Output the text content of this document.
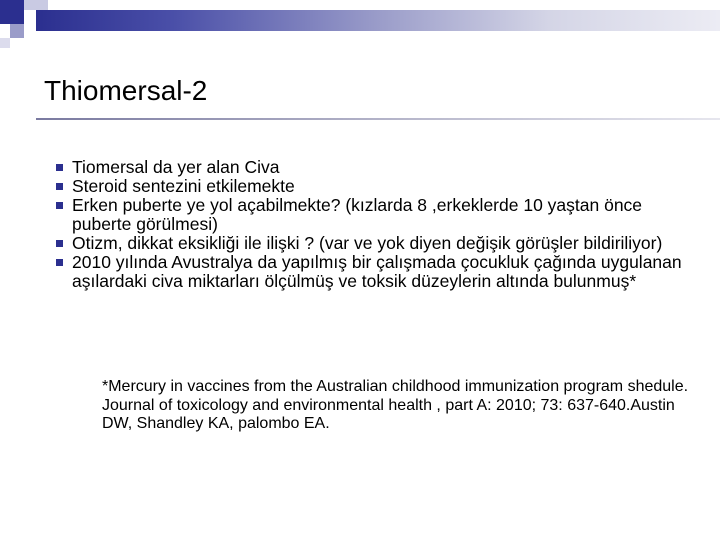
Thiomersal-2
Tiomersal da yer alan Civa
Steroid sentezini etkilemekte
Erken puberte ye yol açabilmekte? (kızlarda 8 ,erkeklerde 10 yaştan önce puberte görülmesi)
Otizm, dikkat eksikliği ile ilişki ? (var ve yok diyen değişik görüşler bildiriliyor)
2010 yılında Avustralya da yapılmış bir çalışmada çocukluk çağında uygulanan aşılardaki civa miktarları ölçülmüş ve toksik düzeylerin altında bulunmuş*
*Mercury in vaccines from the Australian childhood immunization program shedule. Journal of toxicology and environmental health , part A: 2010; 73: 637-640.Austin DW, Shandley KA, palombo EA.
